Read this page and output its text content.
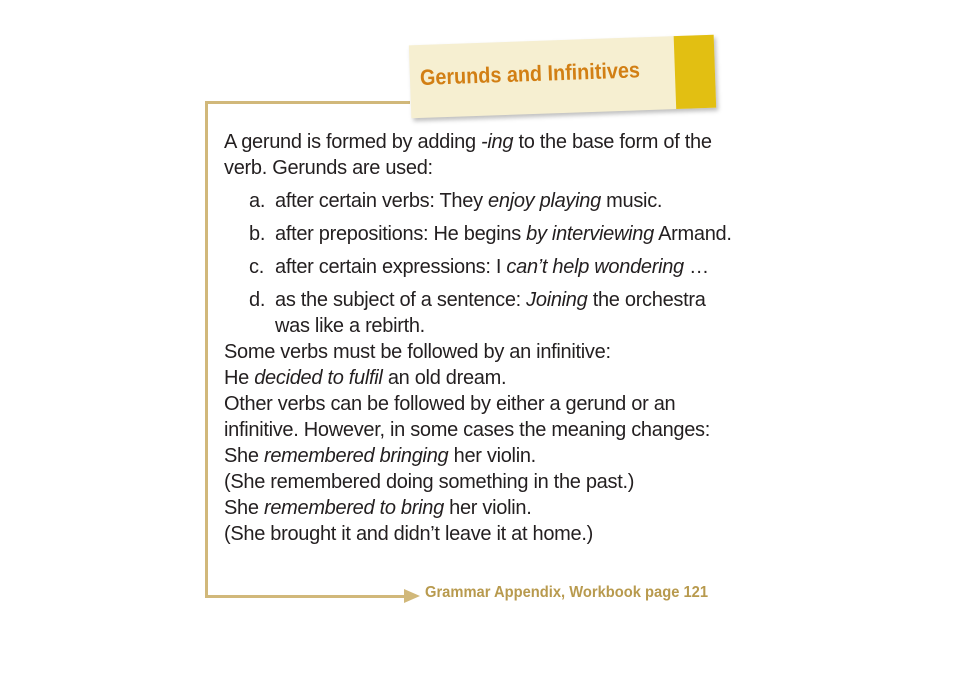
Gerunds and Infinitives

A gerund is formed by adding -ing to the base form of the
verb. Gerunds are used:

a. after certain verbs: They enjoy playing music.
b. after prepositions: He begins by interviewing Armand.
c. after certain expressions: I can’t help wondering …
d. as the subject of a sentence: Joining the orchestra
was like a rebirth.

Some verbs must be followed by an infinitive:

He decided to fulfil an old dream.

Other verbs can be followed by either a gerund or an
infinitive. However, in some cases the meaning changes:

She remembered bringing her violin.
(She remembered doing something in the past.)

She remembered to bring her violin.
(She brought it and didn’t leave it at home.)

Grammar Appendix, Workbook page 121
